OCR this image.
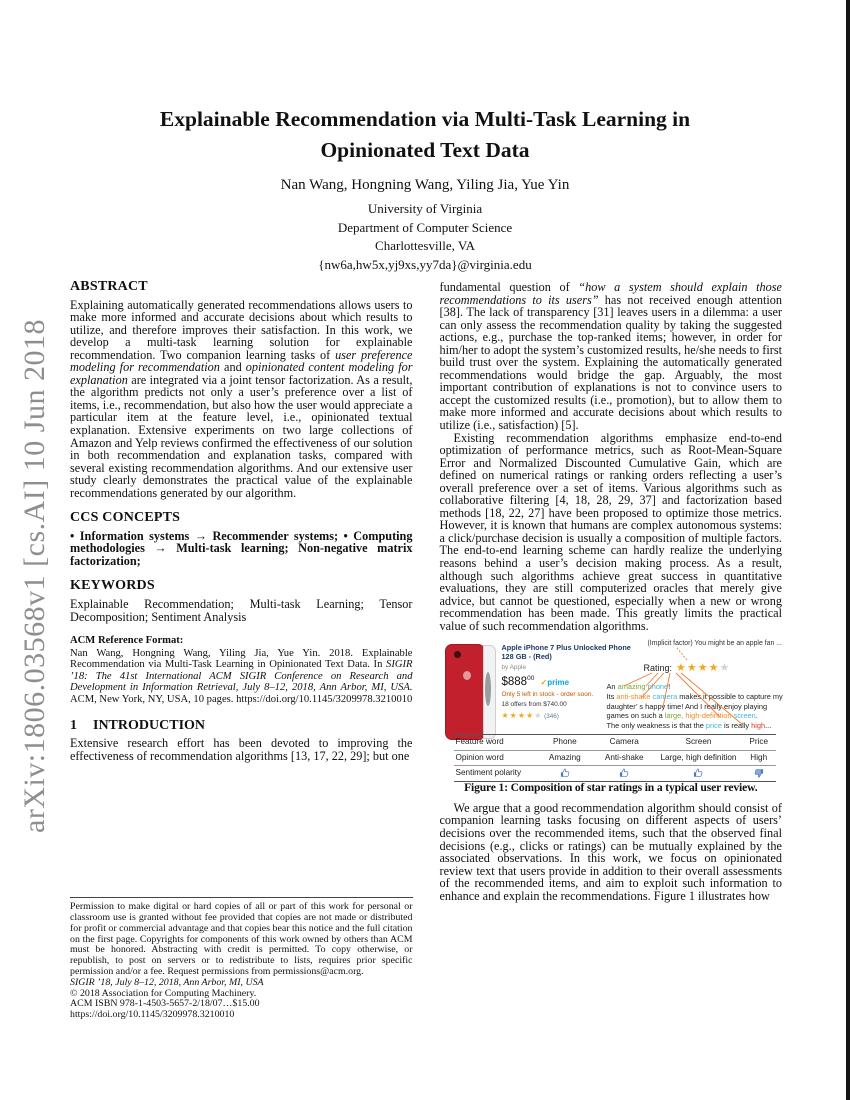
arXiv:1806.03568v1 [cs.AI] 10 Jun 2018
Explainable Recommendation via Multi-Task Learning in Opinionated Text Data
Nan Wang, Hongning Wang, Yiling Jia, Yue Yin
University of Virginia
Department of Computer Science
Charlottesville, VA
{nw6a,hw5x,yj9xs,yy7da}@virginia.edu
ABSTRACT

Explaining automatically generated recommendations allows users to make more informed and accurate decisions about which results to utilize, and therefore improves their satisfaction. In this work, we develop a multi-task learning solution for explainable recommendation. Two companion learning tasks of user preference modeling for recommendation and opinionated content modeling for explanation are integrated via a joint tensor factorization. As a result, the algorithm predicts not only a user’s preference over a list of items, i.e., recommendation, but also how the user would appreciate a particular item at the feature level, i.e., opinionated textual explanation. Extensive experiments on two large collections of Amazon and Yelp reviews confirmed the effectiveness of our solution in both recommendation and explanation tasks, compared with several existing recommendation algorithms. And our extensive user study clearly demonstrates the practical value of the explainable recommendations generated by our algorithm.

CCS CONCEPTS

• Information systems → Recommender systems; • Computing methodologies → Multi-task learning; Non-negative matrix factorization;

KEYWORDS

Explainable Recommendation; Multi-task Learning; Tensor Decomposition; Sentiment Analysis

ACM Reference Format:

Nan Wang, Hongning Wang, Yiling Jia, Yue Yin. 2018. Explainable Recommendation via Multi-Task Learning in Opinionated Text Data. In SIGIR ’18: The 41st International ACM SIGIR Conference on Research and Development in Information Retrieval, July 8–12, 2018, Ann Arbor, MI, USA. ACM, New York, NY, USA, 10 pages. https://doi.org/10.1145/3209978.3210010

1 INTRODUCTION

Extensive research effort has been devoted to improving the effectiveness of recommendation algorithms [13, 17, 22, 29]; but one

Permission to make digital or hard copies of all or part of this work for personal or classroom use is granted without fee provided that copies are not made or distributed for profit or commercial advantage and that copies bear this notice and the full citation on the first page. Copyrights for components of this work owned by others than ACM must be honored. Abstracting with credit is permitted. To copy otherwise, or republish, to post on servers or to redistribute to lists, requires prior specific permission and/or a fee. Request permissions from permissions@acm.org.
SIGIR ’18, July 8–12, 2018, Ann Arbor, MI, USA
© 2018 Association for Computing Machinery.
ACM ISBN 978-1-4503-5657-2/18/07…$15.00
https://doi.org/10.1145/3209978.3210010

fundamental question of “how a system should explain those recommendations to its users” has not received enough attention [38]. The lack of transparency [31] leaves users in a dilemma: a user can only assess the recommendation quality by taking the suggested actions, e.g., purchase the top-ranked items; however, in order for him/her to adopt the system’s customized results, he/she needs to first build trust over the system. Explaining the automatically generated recommendations would bridge the gap. Arguably, the most important contribution of explanations is not to convince users to accept the customized results (i.e., promotion), but to allow them to make more informed and accurate decisions about which results to utilize (i.e., satisfaction) [5].

Existing recommendation algorithms emphasize end-to-end optimization of performance metrics, such as Root-Mean-Square Error and Normalized Discounted Cumulative Gain, which are defined on numerical ratings or ranking orders reflecting a user’s overall preference over a set of items. Various algorithms such as collaborative filtering [4, 18, 28, 29, 37] and factorization based methods [18, 22, 27] have been proposed to optimize those metrics. However, it is known that humans are complex autonomous systems: a click/purchase decision is usually a composition of multiple factors. The end-to-end learning scheme can hardly realize the underlying reasons behind a user’s decision making process. As a result, although such algorithms achieve great success in quantitative evaluations, they are still computerized oracles that merely give advice, but cannot be questioned, especially when a new or wrong recommendation has been made. This greatly limits the practical value of such recommendation algorithms.

Apple iPhone 7 Plus Unlocked Phone 128 GB - (Red)
by Apple
$\$888^{00}$ ✓prime
Only 5 left in stock - order soon.
18 offers from $740.00
★★★★★ (346)
(Implicit factor) You might be an apple fan ...
Rating: ★★★★★
An amazing phone!
Its anti-shake camera makes it possible to capture my daughter’ s happy time! And I really enjoy playing games on such a large, high-definition screen.
The only weakness is that the price is really high...
Feature word	Phone	Camera	Screen	Price
Opinion word	Amazing	Anti-shake	Large, high definition	High
Sentiment polarity				
Figure 1: Composition of star ratings in a typical user review.

We argue that a good recommendation algorithm should consist of companion learning tasks focusing on different aspects of users’ decisions over the recommended items, such that the observed final decisions (e.g., clicks or ratings) can be mutually explained by the associated observations. In this work, we focus on opinionated review text that users provide in addition to their overall assessments of the recommended items, and aim to exploit such information to enhance and explain the recommendations. Figure 1 illustrates how
